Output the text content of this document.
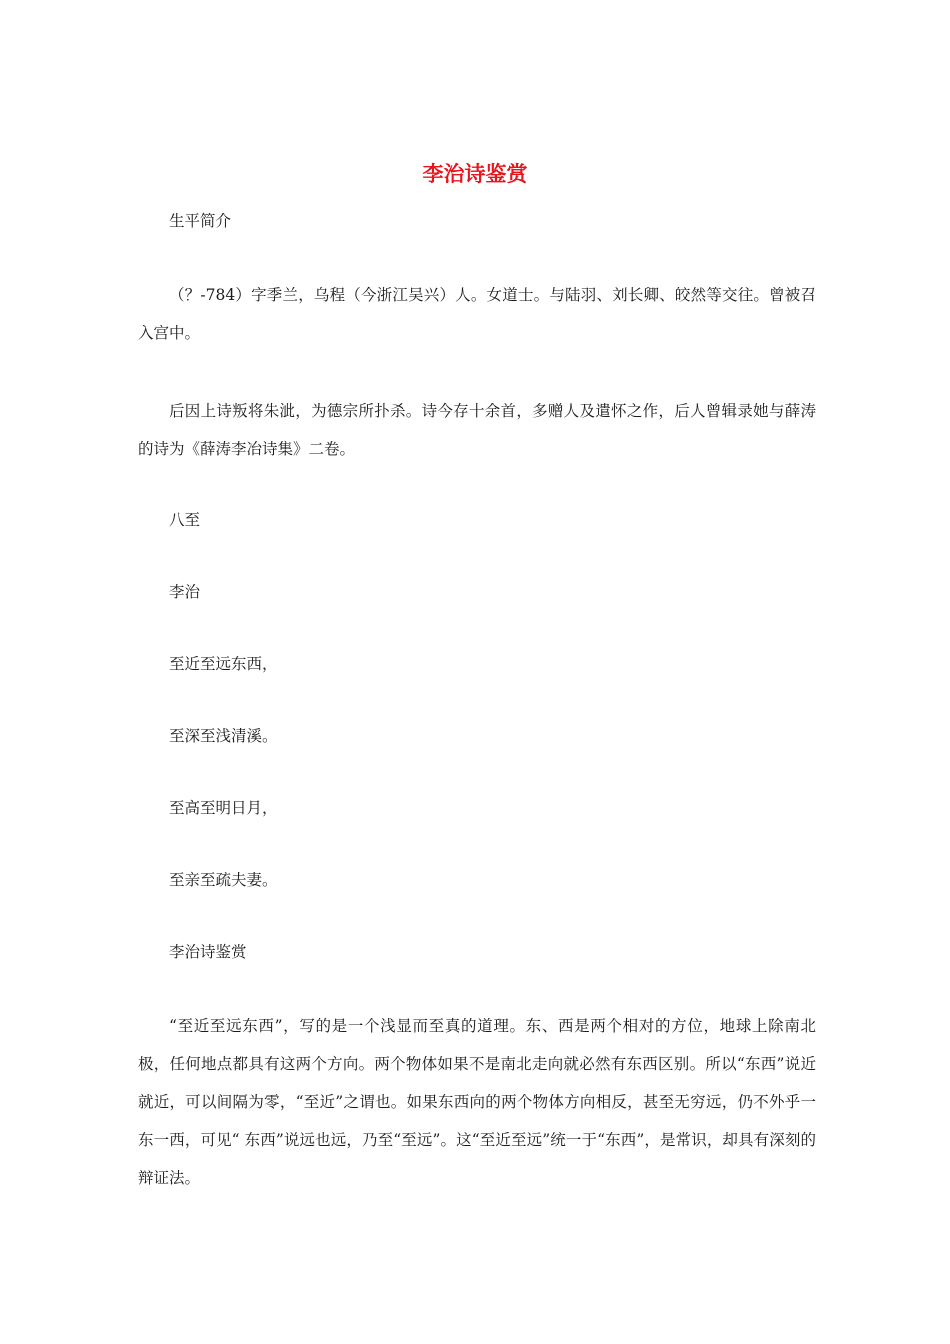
李治诗鉴赏
生平简介
（？-784）字季兰，乌程（今浙江吴兴）人。女道士。与陆羽、刘长卿、皎然等交往。曾被召入宫中。
后因上诗叛将朱泚，为德宗所扑杀。诗今存十余首，多赠人及遣怀之作，后人曾辑录她与薛涛的诗为《薛涛李冶诗集》二卷。
八至
李治
至近至远东西，
至深至浅清溪。
至高至明日月，
至亲至疏夫妻。
李治诗鉴赏
“至近至远东西”，写的是一个浅显而至真的道理。东、西是两个相对的方位，地球上除南北极，任何地点都具有这两个方向。两个物体如果不是南北走向就必然有东西区别。所以“东西”说近就近，可以间隔为零，“至近”之谓也。如果东西向的两个物体方向相反，甚至无穷远，仍不外乎一东一西，可见“ 东西”说远也远，乃至“至远”。这“至近至远”统一于“东西”，是常识，却具有深刻的辩证法。
